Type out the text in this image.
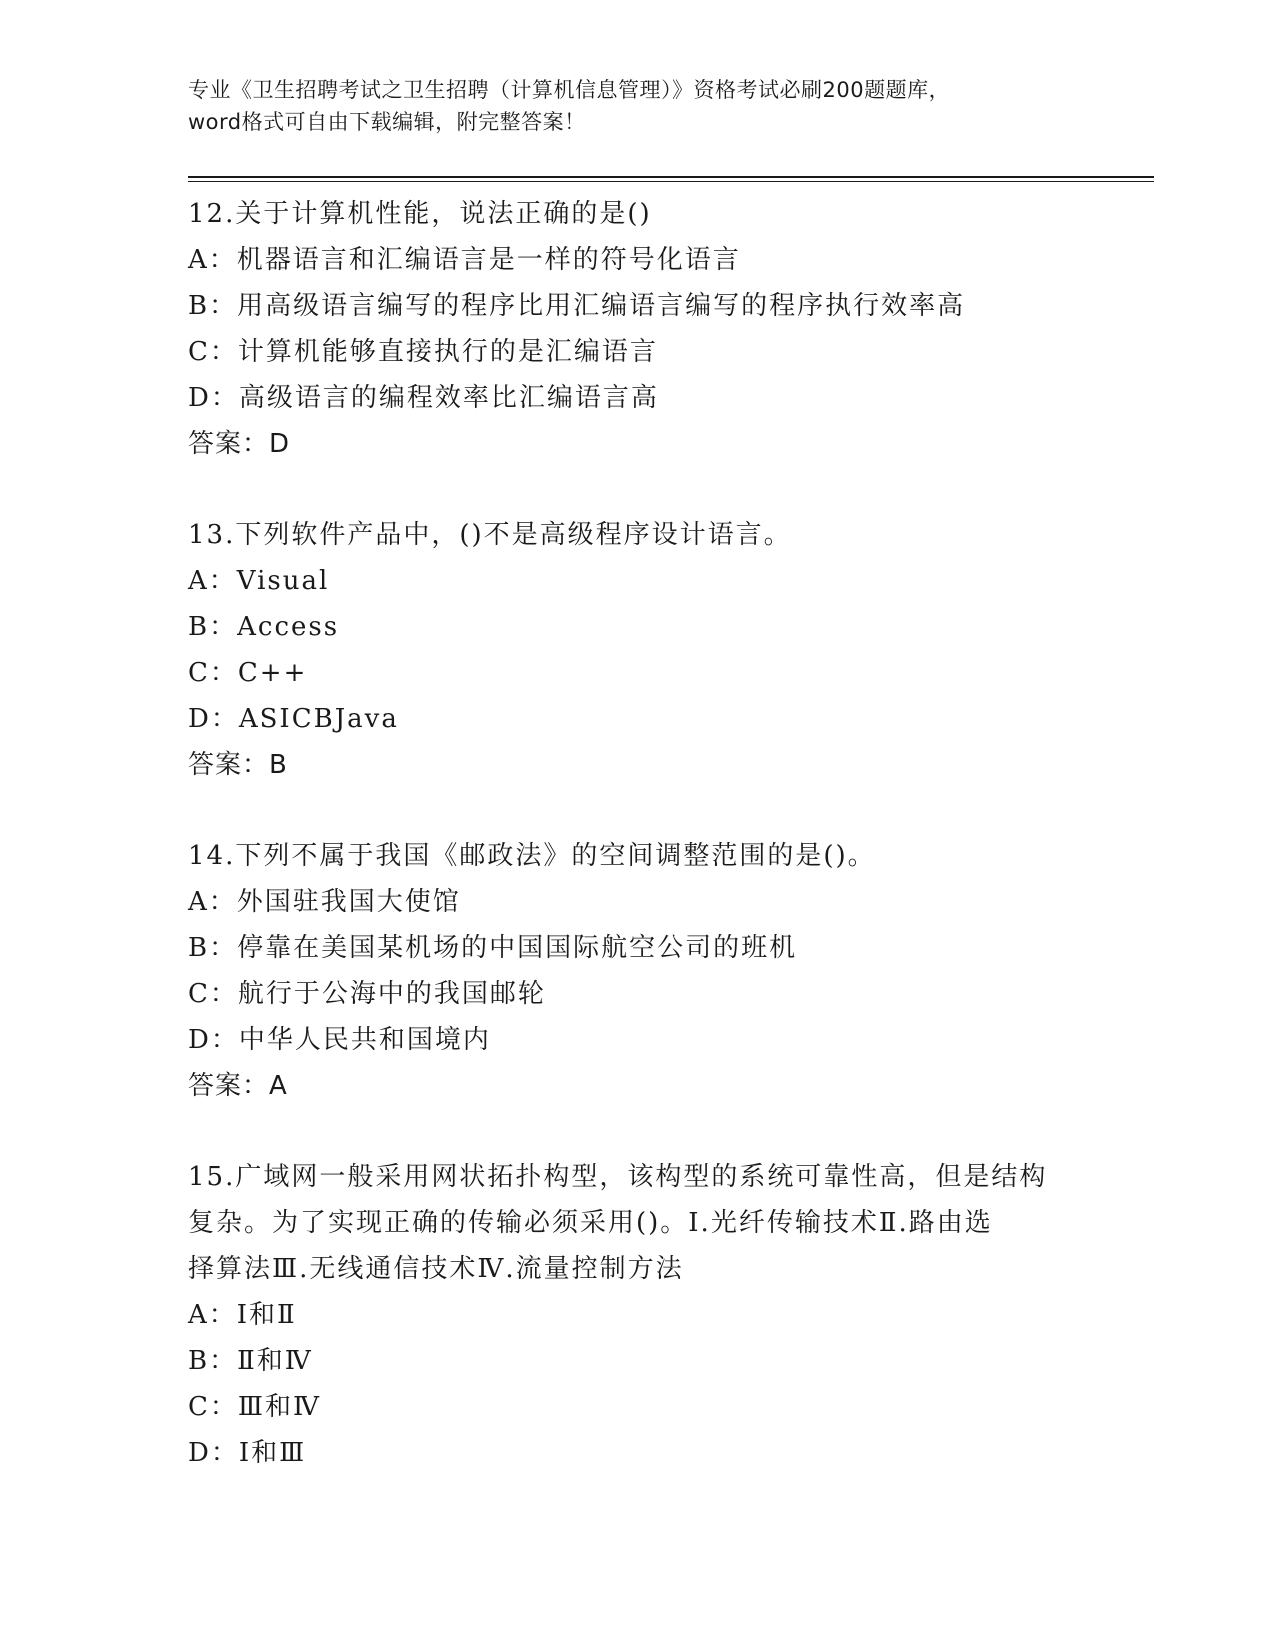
专业《卫生招聘考试之卫生招聘（计算机信息管理）》资格考试必刷200题题库，
word格式可自由下载编辑，附完整答案！
12.关于计算机性能，说法正确的是()
A：机器语言和汇编语言是一样的符号化语言
B：用高级语言编写的程序比用汇编语言编写的程序执行效率高
C：计算机能够直接执行的是汇编语言
D：高级语言的编程效率比汇编语言高
答案：D
13.下列软件产品中，()不是高级程序设计语言。
A：Visual
B：Access
C：C++
D：ASICBJava
答案：B
14.下列不属于我国《邮政法》的空间调整范围的是()。
A：外国驻我国大使馆
B：停靠在美国某机场的中国国际航空公司的班机
C：航行于公海中的我国邮轮
D：中华人民共和国境内
答案：A
15.广域网一般采用网状拓扑构型，该构型的系统可靠性高，但是结构
复杂。为了实现正确的传输必须采用()。Ⅰ.光纤传输技术Ⅱ.路由选
择算法Ⅲ.无线通信技术Ⅳ.流量控制方法
A：Ⅰ和Ⅱ
B：Ⅱ和Ⅳ
C：Ⅲ和Ⅳ
D：Ⅰ和Ⅲ
